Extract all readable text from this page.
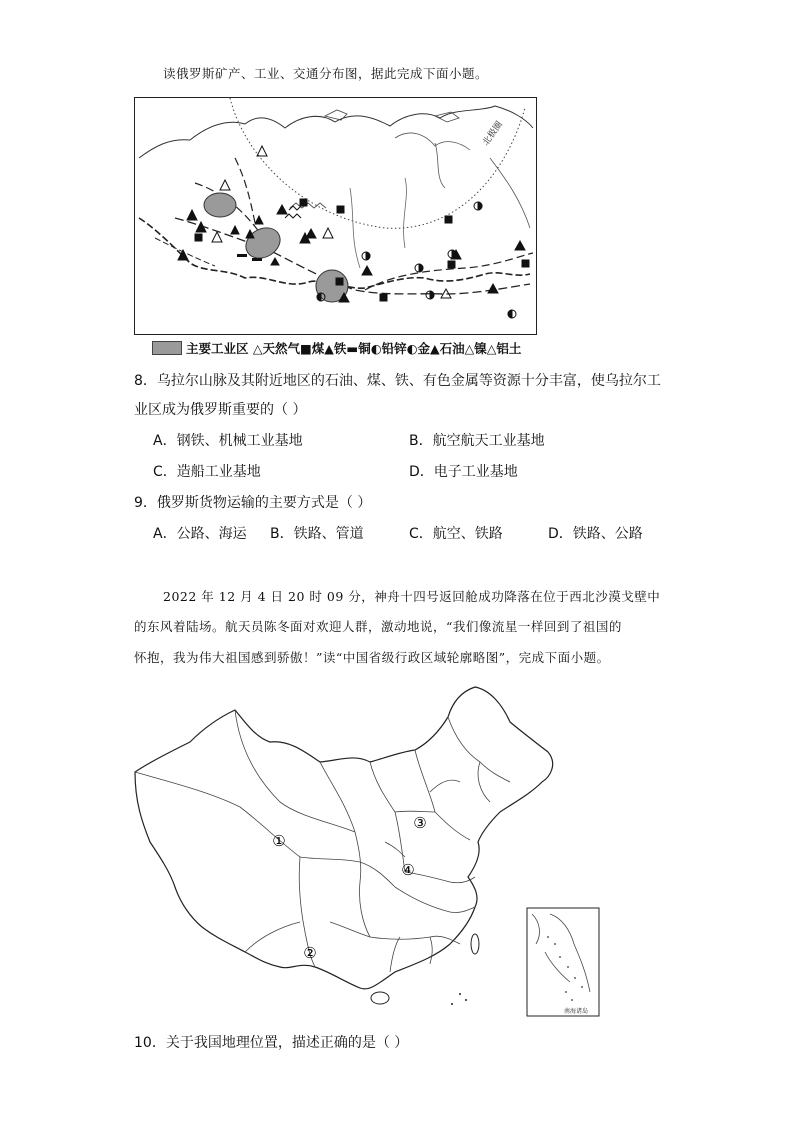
读俄罗斯矿产、工业、交通分布图，据此完成下面小题。
北极圈
主要工业区 △天然气■煤▲铁▬铜◐铅锌◐金▲石油△镍△铝土
8．乌拉尔山脉及其附近地区的石油、煤、铁、有色金属等资源十分丰富，使乌拉尔工
业区成为俄罗斯重要的（ ）
A．钢铁、机械工业基地	B．航空航天工业基地
C．造船工业基地	D．电子工业基地
9．俄罗斯货物运输的主要方式是（ ）
A．公路、海运 B．铁路、管道	C．航空、铁路	D．铁路、公路
2022 年 12 月 4 日 20 时 09 分，神舟十四号返回舱成功降落在位于西北沙漠戈壁中
的东风着陆场。航天员陈冬面对欢迎人群，激动地说，“我们像流星一样回到了祖国的
怀抱，我为伟大祖国感到骄傲！”读“中国省级行政区域轮廓略图”，完成下面小题。
①
②
③
④
南海诸岛
10．关于我国地理位置，描述正确的是（ ）
